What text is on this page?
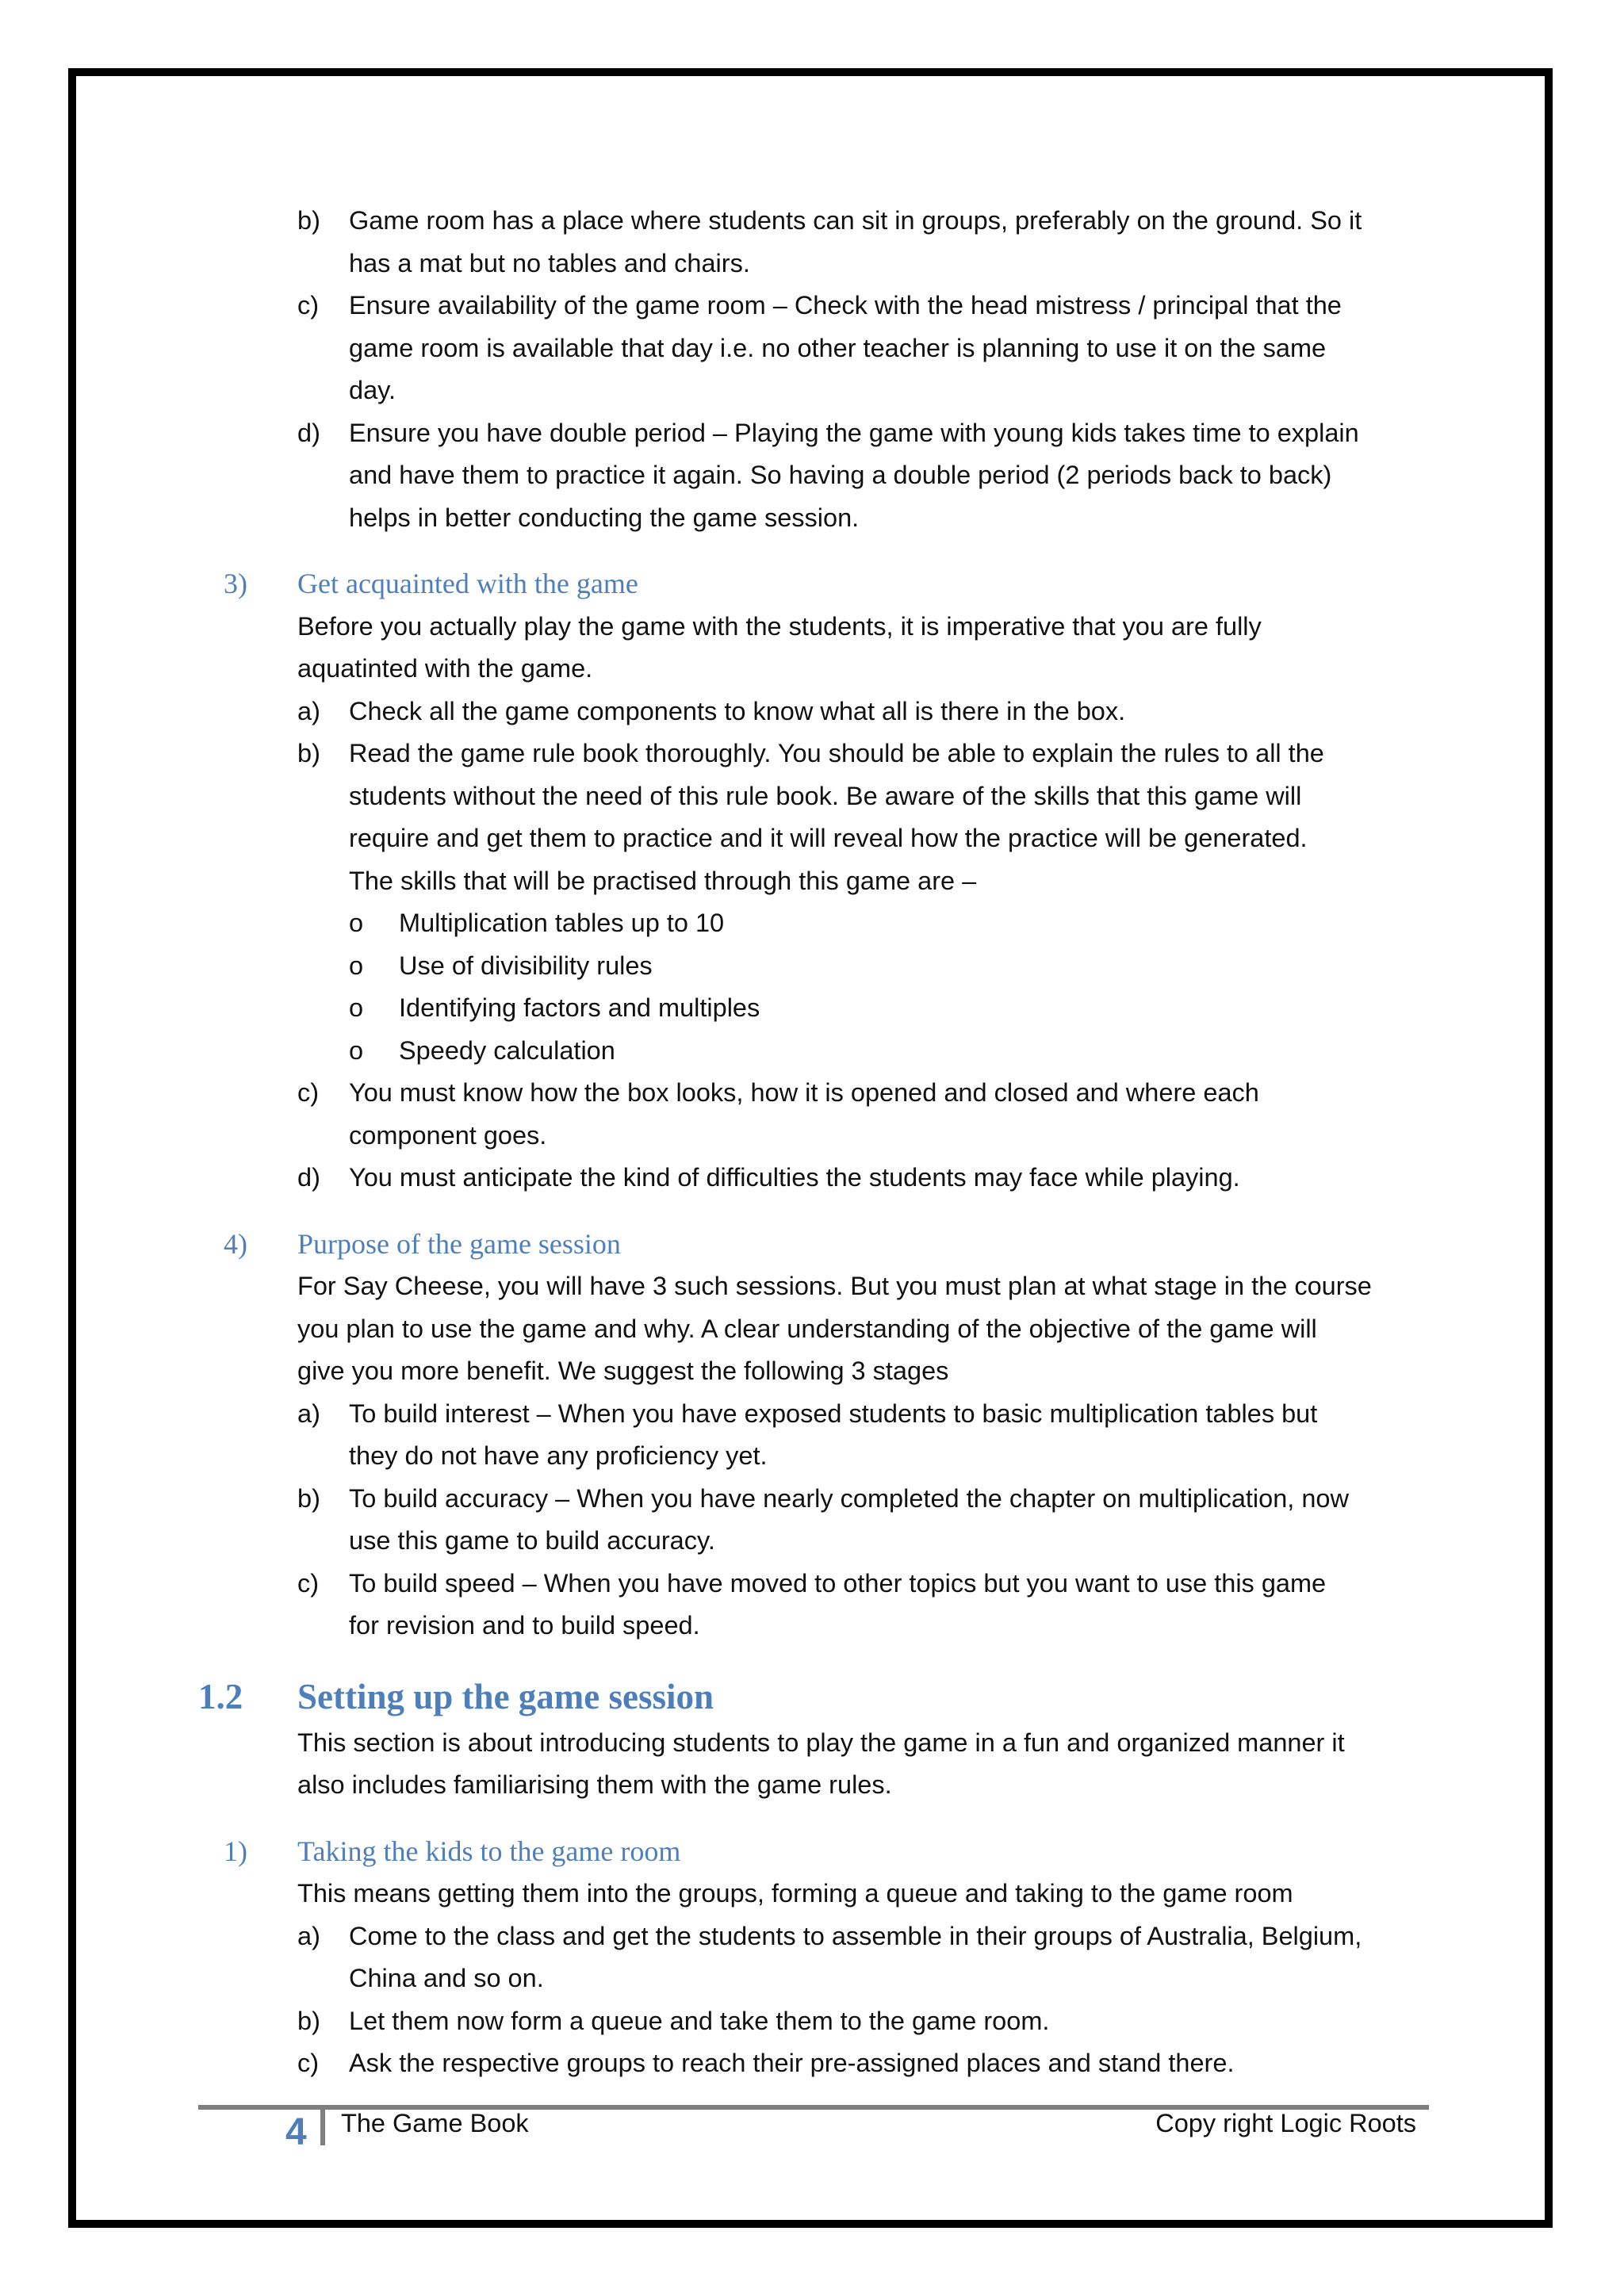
b) Game room has a place where students can sit in groups, preferably on the ground. So it
has a mat but no tables and chairs.
c) Ensure availability of the game room – Check with the head mistress / principal that the
game room is available that day i.e. no other teacher is planning to use it on the same
day.
d) Ensure you have double period – Playing the game with young kids takes time to explain
and have them to practice it again. So having a double period (2 periods back to back)
helps in better conducting the game session.
3) Get acquainted with the game
Before you actually play the game with the students, it is imperative that you are fully
aquatinted with the game.
a) Check all the game components to know what all is there in the box.
b) Read the game rule book thoroughly. You should be able to explain the rules to all the
students without the need of this rule book. Be aware of the skills that this game will
require and get them to practice and it will reveal how the practice will be generated.
The skills that will be practised through this game are –
o Multiplication tables up to 10
o Use of divisibility rules
o Identifying factors and multiples
o Speedy calculation
c) You must know how the box looks, how it is opened and closed and where each
component goes.
d) You must anticipate the kind of difficulties the students may face while playing.
4) Purpose of the game session
For Say Cheese, you will have 3 such sessions. But you must plan at what stage in the course
you plan to use the game and why. A clear understanding of the objective of the game will
give you more benefit. We suggest the following 3 stages
a) To build interest – When you have exposed students to basic multiplication tables but
they do not have any proficiency yet.
b) To build accuracy – When you have nearly completed the chapter on multiplication, now
use this game to build accuracy.
c) To build speed – When you have moved to other topics but you want to use this game
for revision and to build speed.
1.2 Setting up the game session
This section is about introducing students to play the game in a fun and organized manner it
also includes familiarising them with the game rules.
1) Taking the kids to the game room
This means getting them into the groups, forming a queue and taking to the game room
a) Come to the class and get the students to assemble in their groups of Australia, Belgium,
China and so on.
b) Let them now form a queue and take them to the game room.
c) Ask the respective groups to reach their pre-assigned places and stand there.
4 The Game Book	Copy right Logic Roots
